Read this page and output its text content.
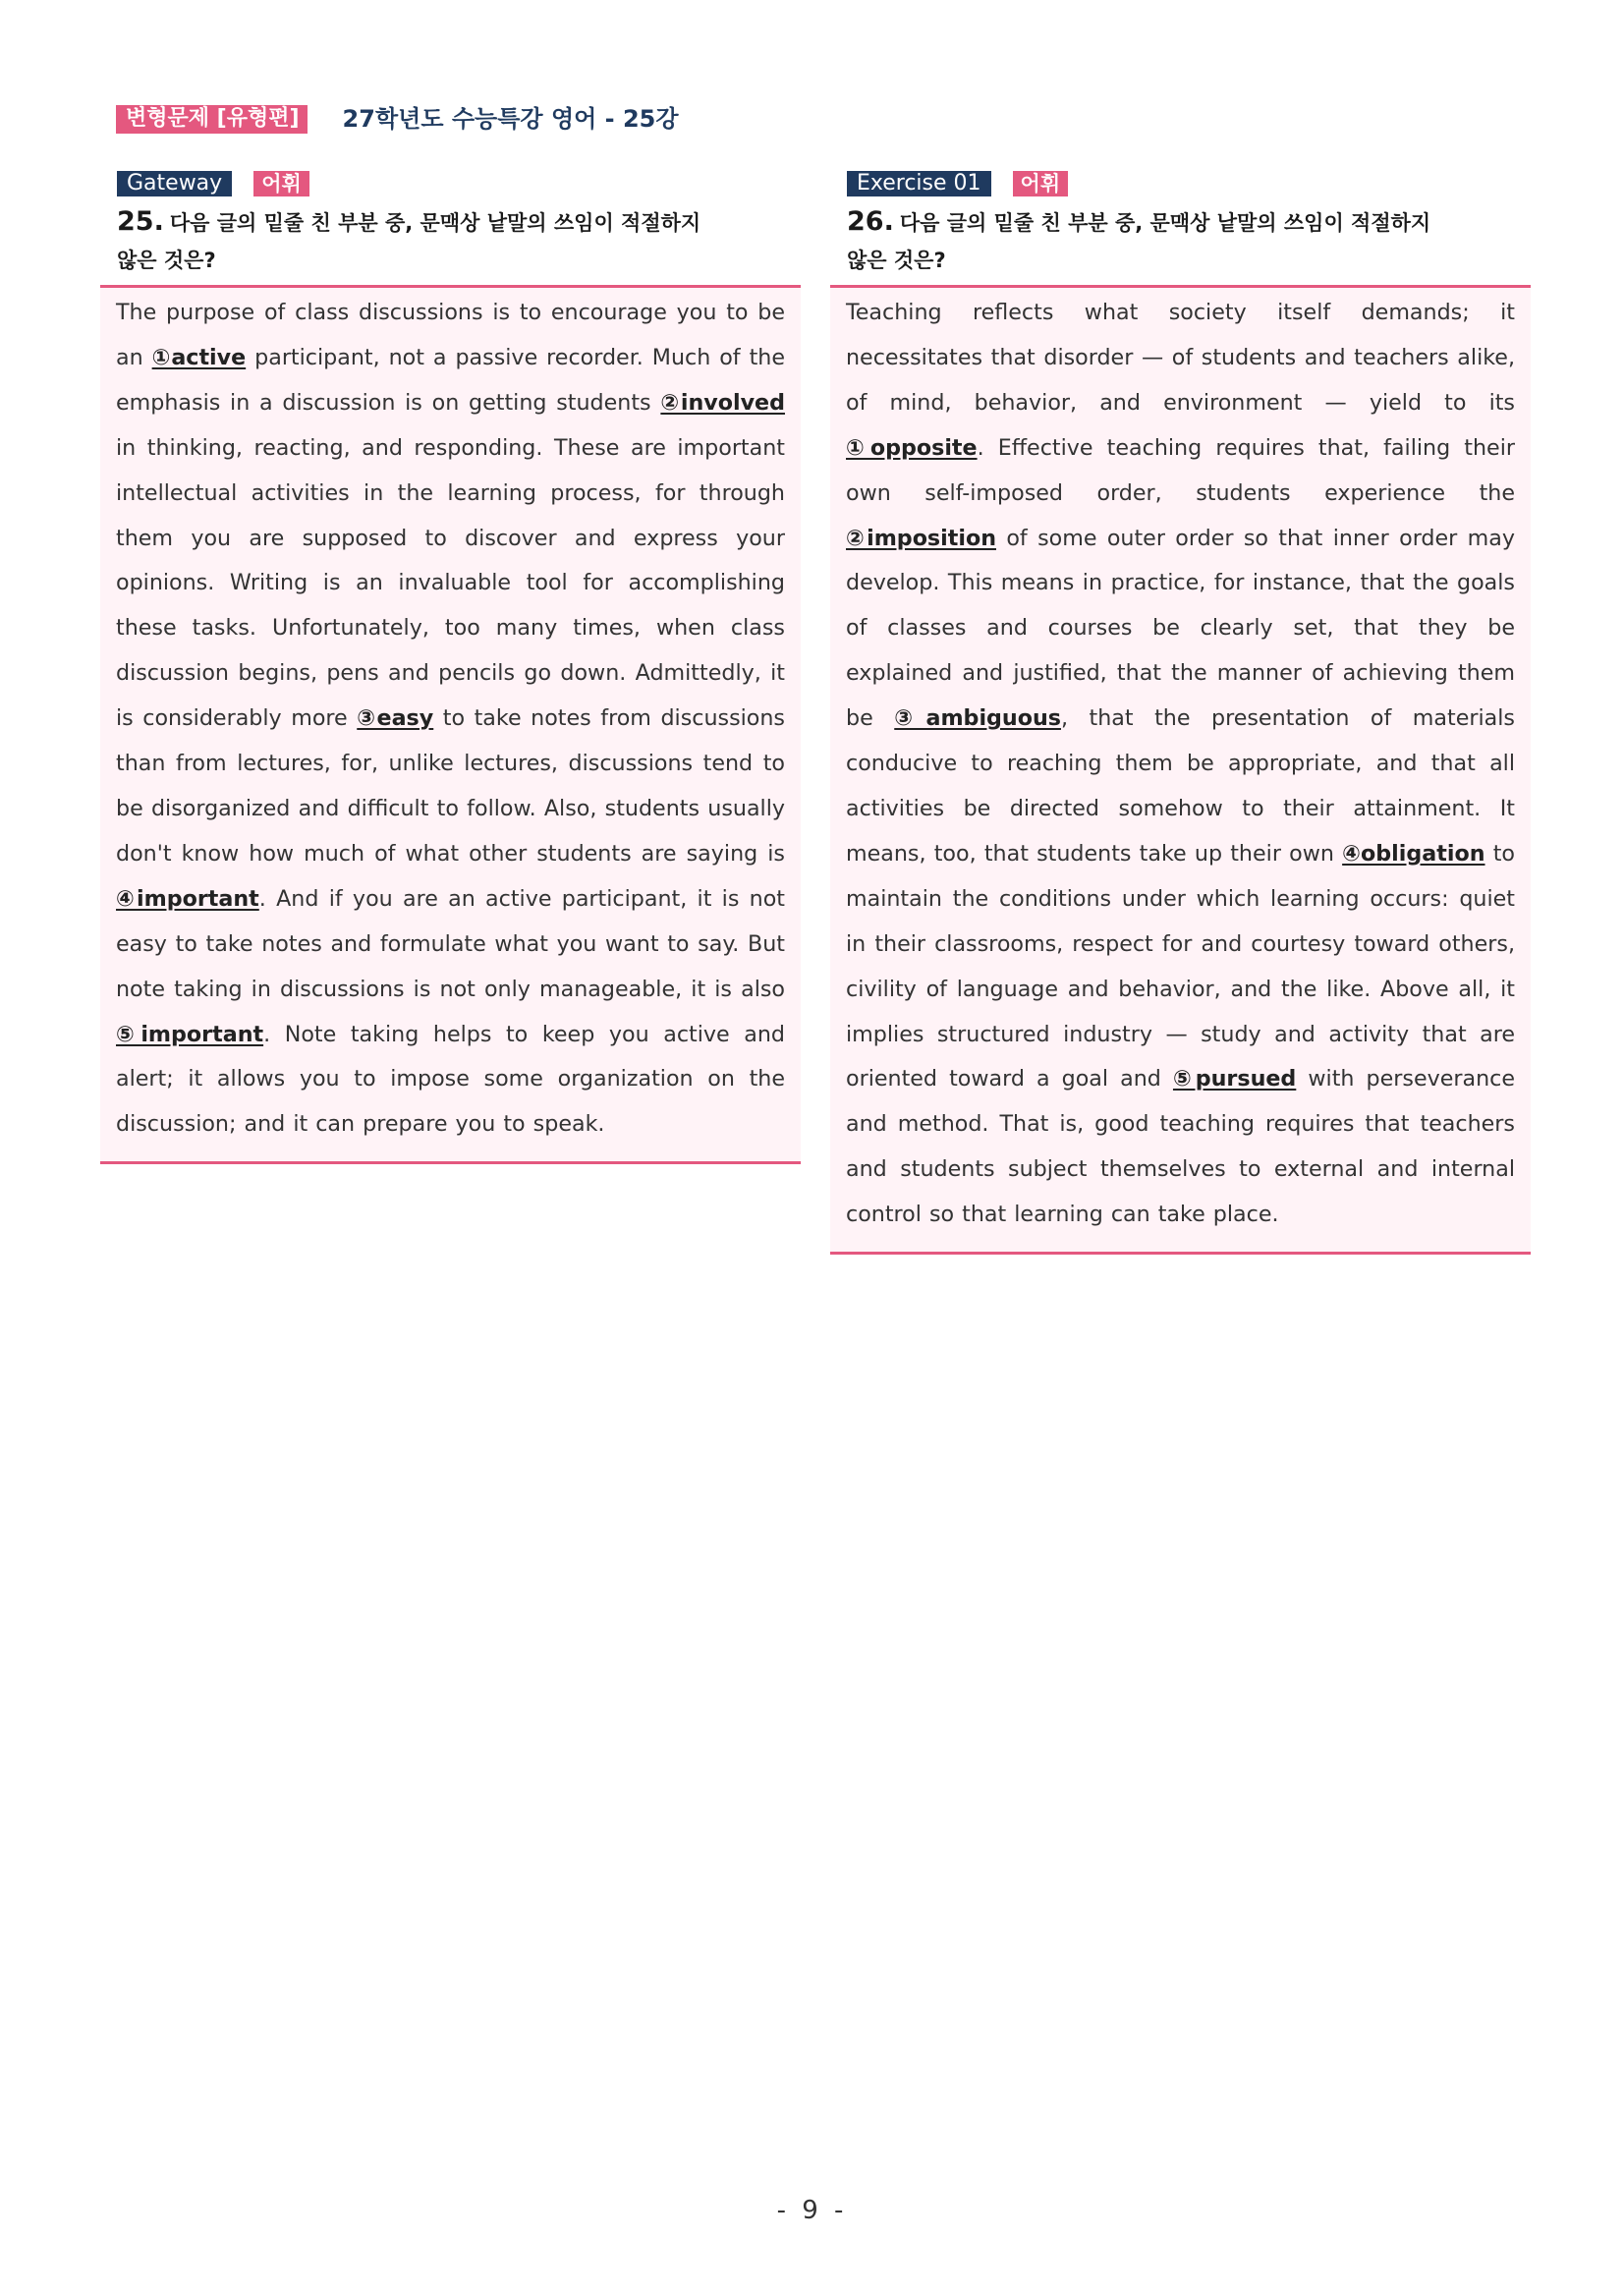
변형문제 [유형편]	27학년도 수능특강 영어 - 25강
Gateway	어휘
25. 다음 글의 밑줄 친 부분 중, 문맥상 낱말의 쓰임이 적절하지
않은 것은?
The purpose of class discussions is to encourage you to be an ①active participant, not a passive recorder. Much of the emphasis in a discussion is on getting students ②involved in thinking, reacting, and responding. These are important intellectual activities in the learning process, for through them you are supposed to discover and express your opinions. Writing is an invaluable tool for accomplishing these tasks. Unfortunately, too many times, when class discussion begins, pens and pencils go down. Admittedly, it is considerably more ③easy to take notes from discussions than from lectures, for, unlike lectures, discussions tend to be disorganized and difficult to follow. Also, students usually don't know how much of what other students are saying is ④important. And if you are an active participant, it is not easy to take notes and formulate what you want to say. But note taking in discussions is not only manageable, it is also ⑤important. Note taking helps to keep you active and alert; it allows you to impose some organization on the discussion; and it can prepare you to speak.
Exercise 01	어휘
26. 다음 글의 밑줄 친 부분 중, 문맥상 낱말의 쓰임이 적절하지
않은 것은?
Teaching reflects what society itself demands; it necessitates that disorder — of students and teachers alike, of mind, behavior, and environment — yield to its ①opposite. Effective teaching requires that, failing their own self-imposed order, students experience the ②imposition of some outer order so that inner order may develop. This means in practice, for instance, that the goals of classes and courses be clearly set, that they be explained and justified, that the manner of achieving them be ③ambiguous, that the presentation of materials conducive to reaching them be appropriate, and that all activities be directed somehow to their attainment. It means, too, that students take up their own ④obligation to maintain the conditions under which learning occurs: quiet in their classrooms, respect for and courtesy toward others, civility of language and behavior, and the like. Above all, it implies structured industry — study and activity that are oriented toward a goal and ⑤pursued with perseverance and method. That is, good teaching requires that teachers and students subject themselves to external and internal control so that learning can take place.
- 9 -
